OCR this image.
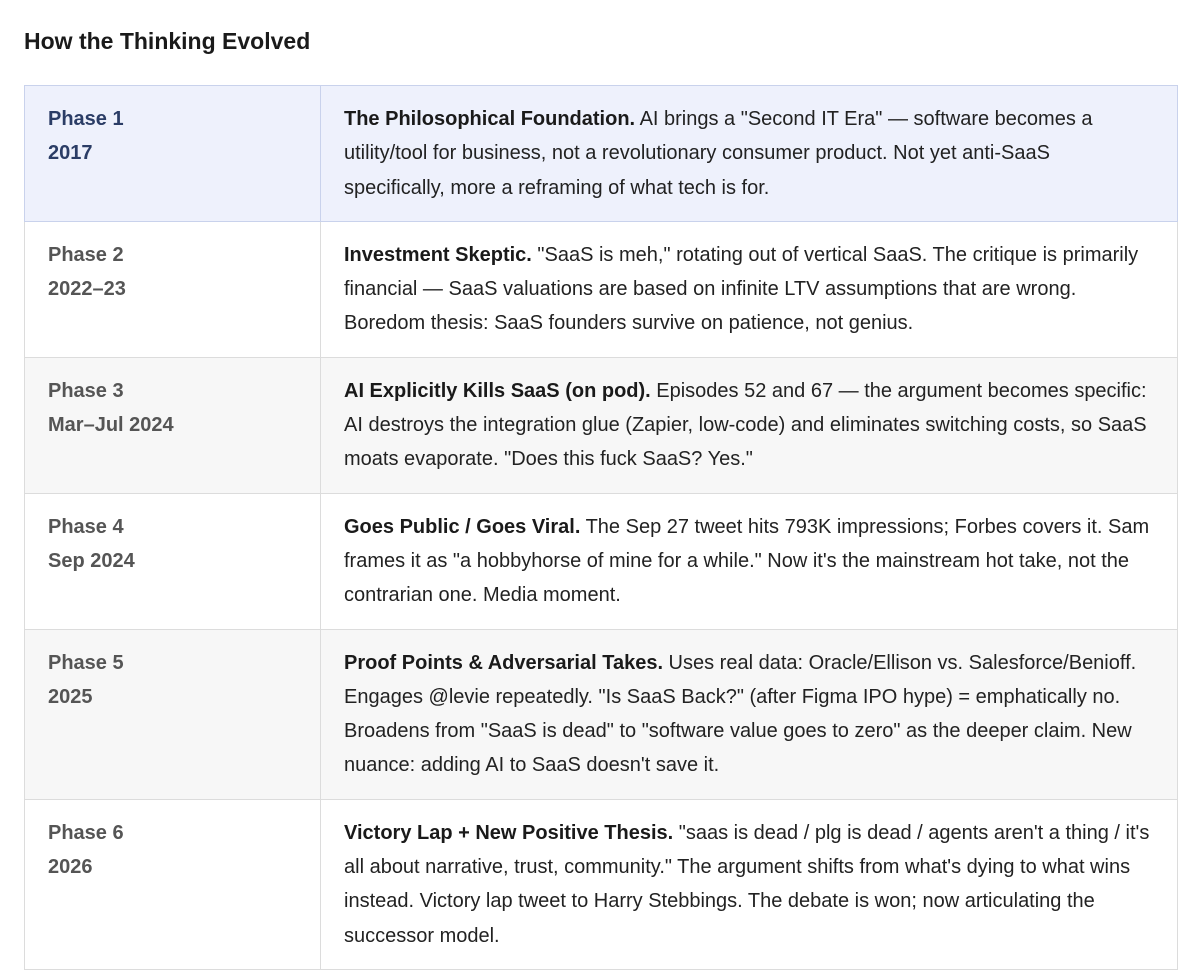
How the Thinking Evolved
Phase 1
2017	The Philosophical Foundation. AI brings a "Second IT Era" — software becomes a utility/tool for business, not a revolutionary consumer product. Not yet anti-SaaS specifically, more a reframing of what tech is for.

Phase 2
2022–23	Investment Skeptic. "SaaS is meh," rotating out of vertical SaaS. The critique is primarily financial — SaaS valuations are based on infinite LTV assumptions that are wrong. Boredom thesis: SaaS founders survive on patience, not genius.

Phase 3
Mar–Jul 2024	AI Explicitly Kills SaaS (on pod). Episodes 52 and 67 — the argument becomes specific: AI destroys the integration glue (Zapier, low-code) and eliminates switching costs, so SaaS moats evaporate. "Does this fuck SaaS? Yes."

Phase 4
Sep 2024	Goes Public / Goes Viral. The Sep 27 tweet hits 793K impressions; Forbes covers it. Sam frames it as "a hobbyhorse of mine for a while." Now it's the mainstream hot take, not the contrarian one. Media moment.

Phase 5
2025	Proof Points & Adversarial Takes. Uses real data: Oracle/Ellison vs. Salesforce/Benioff. Engages @levie repeatedly. "Is SaaS Back?" (after Figma IPO hype) = emphatically no. Broadens from "SaaS is dead" to "software value goes to zero" as the deeper claim. New nuance: adding AI to SaaS doesn't save it.

Phase 6
2026	Victory Lap + New Positive Thesis. "saas is dead / plg is dead / agents aren't a thing / it's all about narrative, trust, community." The argument shifts from what's dying to what wins instead. Victory lap tweet to Harry Stebbings. The debate is won; now articulating the successor model.
